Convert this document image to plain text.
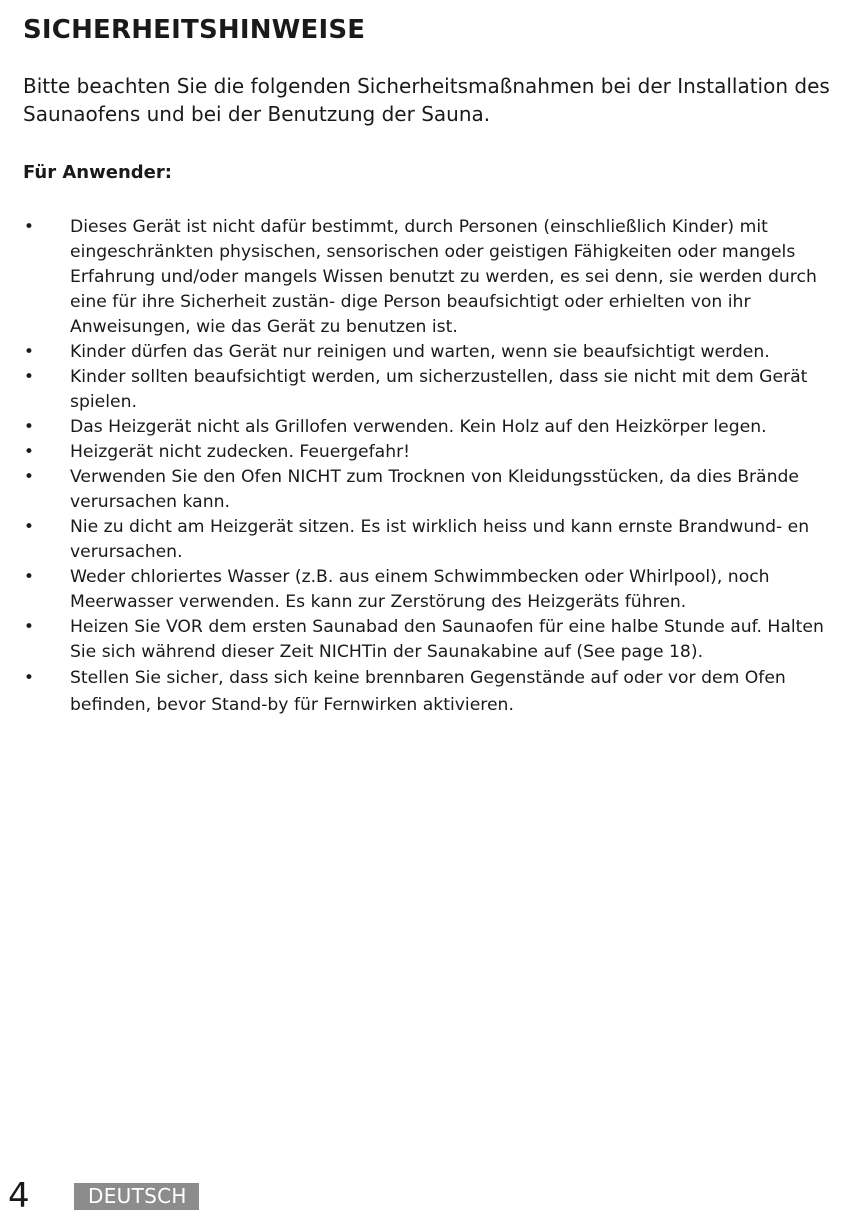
SICHERHEITSHINWEISE

Bitte beachten Sie die folgenden Sicherheitsmaßnahmen bei der Installation des Saunaofens und bei der Benutzung der Sauna.

Für Anwender:
• Dieses Gerät ist nicht dafür bestimmt, durch Personen (einschließlich Kinder) mit eingeschränkten physischen, sensorischen oder geistigen Fähigkeiten oder mangels Erfahrung und/oder mangels Wissen benutzt zu werden, es sei denn, sie werden durch eine für ihre Sicherheit zustän- dige Person beaufsichtigt oder erhielten von ihr Anweisungen, wie das Gerät zu benutzen ist.
• Kinder dürfen das Gerät nur reinigen und warten, wenn sie beaufsichtigt werden.
• Kinder sollten beaufsichtigt werden, um sicherzustellen, dass sie nicht mit dem Gerät spielen.
• Das Heizgerät nicht als Grillofen verwenden. Kein Holz auf den Heizkörper legen.
• Heizgerät nicht zudecken. Feuergefahr!
• Verwenden Sie den Ofen NICHT zum Trocknen von Kleidungsstücken, da dies Brände verursachen kann.
• Nie zu dicht am Heizgerät sitzen. Es ist wirklich heiss und kann ernste Brandwund- en verursachen.
• Weder chloriertes Wasser (z.B. aus einem Schwimmbecken oder Whirlpool), noch Meerwasser verwenden. Es kann zur Zerstörung des Heizgeräts führen.
• Heizen Sie VOR dem ersten Saunabad den Saunaofen für eine halbe Stunde auf. Halten Sie sich während dieser Zeit NICHTin der Saunakabine auf (See page 18).
• Stellen Sie sicher, dass sich keine brennbaren Gegenstände auf oder vor dem Ofen befinden, bevor Stand-by für Fernwirken aktivieren.
4	DEUTSCH
